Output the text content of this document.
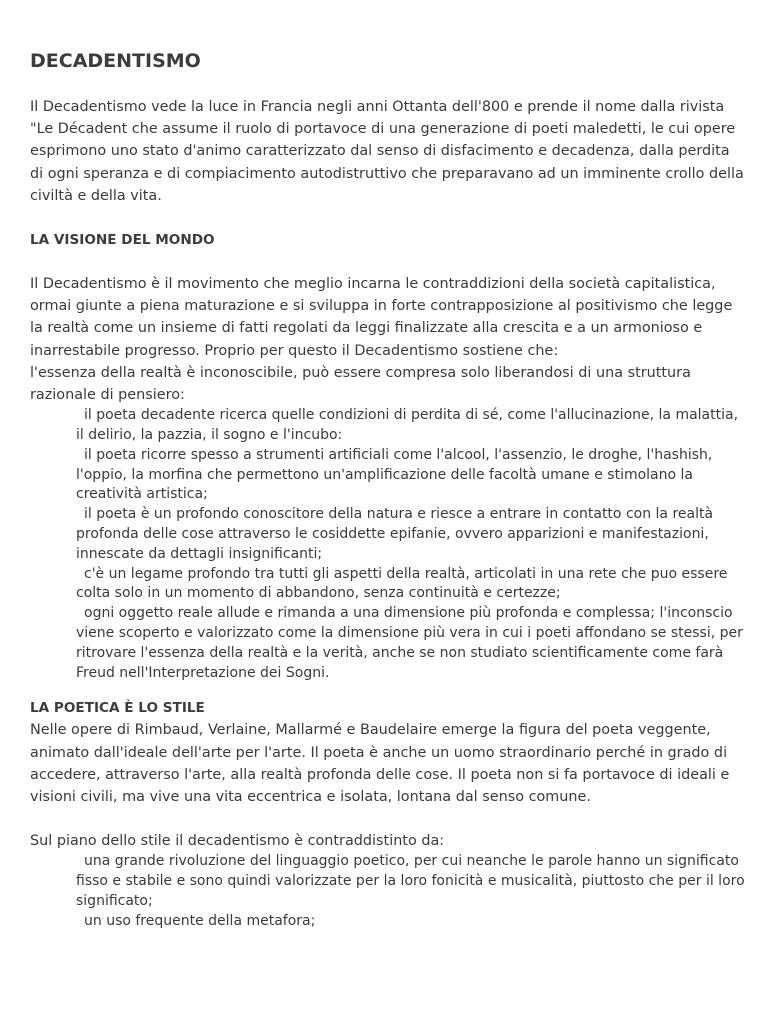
DECADENTISMO

Il Decadentismo vede la luce in Francia negli anni Ottanta dell'800 e prende il nome dalla rivista "Le Décadent che assume il ruolo di portavoce di una generazione di poeti maledetti, le cui opere esprimono uno stato d'animo caratterizzato dal senso di disfacimento e decadenza, dalla perdita di ogni speranza e di compiacimento autodistruttivo che preparavano ad un imminente crollo della civiltà e della vita.

LA VISIONE DEL MONDO

Il Decadentismo è il movimento che meglio incarna le contraddizioni della società capitalistica, ormai giunte a piena maturazione e si sviluppa in forte contrapposizione al positivismo che legge la realtà come un insieme di fatti regolati da leggi finalizzate alla crescita e a un armonioso e inarrestabile progresso. Proprio per questo il Decadentismo sostiene che:

l'essenza della realtà è inconoscibile, può essere compresa solo liberandosi di una struttura razionale di pensiero:

il poeta decadente ricerca quelle condizioni di perdita di sé, come l'allucinazione, la malattia, il delirio, la pazzia, il sogno e l'incubo:
il poeta ricorre spesso a strumenti artificiali come l'alcool, l'assenzio, le droghe, l'hashish, l'oppio, la morfina che permettono un'amplificazione delle facoltà umane e stimolano la creatività artistica;
il poeta è un profondo conoscitore della natura e riesce a entrare in contatto con la realtà profonda delle cose attraverso le cosiddette epifanie, ovvero apparizioni e manifestazioni, innescate da dettagli insignificanti;
c'è un legame profondo tra tutti gli aspetti della realtà, articolati in una rete che puo essere colta solo in un momento di abbandono, senza continuità e certezze;
ogni oggetto reale allude e rimanda a una dimensione più profonda e complessa; l'inconscio viene scoperto e valorizzato come la dimensione più vera in cui i poeti affondano se stessi, per ritrovare l'essenza della realtà e la verità, anche se non studiato scientificamente come farà Freud nell'Interpretazione dei Sogni.
LA POETICA È LO STILE

Nelle opere di Rimbaud, Verlaine, Mallarmé e Baudelaire emerge la figura del poeta veggente, animato dall'ideale dell'arte per l'arte. Il poeta è anche un uomo straordinario perché in grado di accedere, attraverso l'arte, alla realtà profonda delle cose. Il poeta non si fa portavoce di ideali e visioni civili, ma vive una vita eccentrica e isolata, lontana dal senso comune.

Sul piano dello stile il decadentismo è contraddistinto da:

una grande rivoluzione del linguaggio poetico, per cui neanche le parole hanno un significato fisso e stabile e sono quindi valorizzate per la loro fonicità e musicalità, piuttosto che per il loro significato;
un uso frequente della metafora;
